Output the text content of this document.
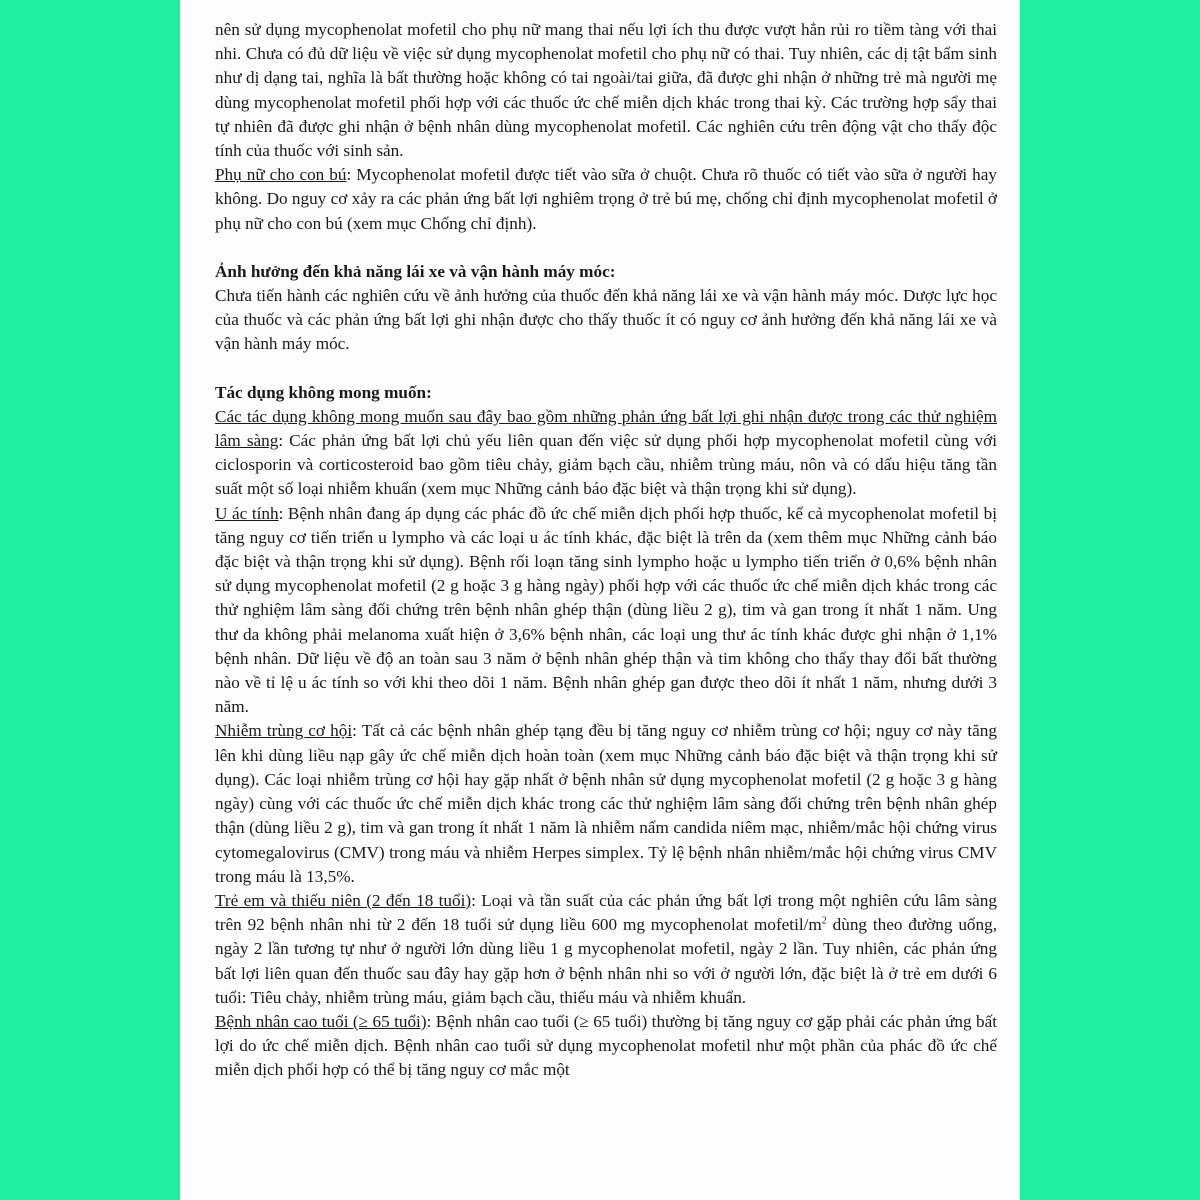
nên sử dụng mycophenolat mofetil cho phụ nữ mang thai nếu lợi ích thu được vượt hẳn rủi ro tiềm tàng với thai nhi. Chưa có đủ dữ liệu về việc sử dụng mycophenolat mofetil cho phụ nữ có thai. Tuy nhiên, các dị tật bẩm sinh như dị dạng tai, nghĩa là bất thường hoặc không có tai ngoài/tai giữa, đã được ghi nhận ở những trẻ mà người mẹ dùng mycophenolat mofetil phối hợp với các thuốc ức chế miễn dịch khác trong thai kỳ. Các trường hợp sẩy thai tự nhiên đã được ghi nhận ở bệnh nhân dùng mycophenolat mofetil. Các nghiên cứu trên động vật cho thấy độc tính của thuốc với sinh sản.

Phụ nữ cho con bú: Mycophenolat mofetil được tiết vào sữa ở chuột. Chưa rõ thuốc có tiết vào sữa ở người hay không. Do nguy cơ xảy ra các phản ứng bất lợi nghiêm trọng ở trẻ bú mẹ, chống chỉ định mycophenolat mofetil ở phụ nữ cho con bú (xem mục Chống chỉ định).

Ảnh hưởng đến khả năng lái xe và vận hành máy móc:

Chưa tiến hành các nghiên cứu về ảnh hưởng của thuốc đến khả năng lái xe và vận hành máy móc. Dược lực học của thuốc và các phản ứng bất lợi ghi nhận được cho thấy thuốc ít có nguy cơ ảnh hưởng đến khả năng lái xe và vận hành máy móc.

Tác dụng không mong muốn:

Các tác dụng không mong muốn sau đây bao gồm những phản ứng bất lợi ghi nhận được trong các thử nghiệm lâm sàng: Các phản ứng bất lợi chủ yếu liên quan đến việc sử dụng phối hợp mycophenolat mofetil cùng với ciclosporin và corticosteroid bao gồm tiêu chảy, giảm bạch cầu, nhiễm trùng máu, nôn và có dấu hiệu tăng tần suất một số loại nhiễm khuẩn (xem mục Những cảnh báo đặc biệt và thận trọng khi sử dụng).

U ác tính: Bệnh nhân đang áp dụng các phác đồ ức chế miễn dịch phối hợp thuốc, kể cả mycophenolat mofetil bị tăng nguy cơ tiến triển u lympho và các loại u ác tính khác, đặc biệt là trên da (xem thêm mục Những cảnh báo đặc biệt và thận trọng khi sử dụng). Bệnh rối loạn tăng sinh lympho hoặc u lympho tiến triển ở 0,6% bệnh nhân sử dụng mycophenolat mofetil (2 g hoặc 3 g hàng ngày) phối hợp với các thuốc ức chế miễn dịch khác trong các thử nghiệm lâm sàng đối chứng trên bệnh nhân ghép thận (dùng liều 2 g), tim và gan trong ít nhất 1 năm. Ung thư da không phải melanoma xuất hiện ở 3,6% bệnh nhân, các loại ung thư ác tính khác được ghi nhận ở 1,1% bệnh nhân. Dữ liệu về độ an toàn sau 3 năm ở bệnh nhân ghép thận và tim không cho thấy thay đổi bất thường nào về tỉ lệ u ác tính so với khi theo dõi 1 năm. Bệnh nhân ghép gan được theo dõi ít nhất 1 năm, nhưng dưới 3 năm.

Nhiễm trùng cơ hội: Tất cả các bệnh nhân ghép tạng đều bị tăng nguy cơ nhiễm trùng cơ hội; nguy cơ này tăng lên khi dùng liều nạp gây ức chế miễn dịch hoàn toàn (xem mục Những cảnh báo đặc biệt và thận trọng khi sử dụng). Các loại nhiễm trùng cơ hội hay gặp nhất ở bệnh nhân sử dụng mycophenolat mofetil (2 g hoặc 3 g hàng ngày) cùng với các thuốc ức chế miễn dịch khác trong các thử nghiệm lâm sàng đối chứng trên bệnh nhân ghép thận (dùng liều 2 g), tim và gan trong ít nhất 1 năm là nhiễm nấm candida niêm mạc, nhiễm/mắc hội chứng virus cytomegalovirus (CMV) trong máu và nhiễm Herpes simplex. Tỷ lệ bệnh nhân nhiễm/mắc hội chứng virus CMV trong máu là 13,5%.

Trẻ em và thiếu niên (2 đến 18 tuổi): Loại và tần suất của các phản ứng bất lợi trong một nghiên cứu lâm sàng trên 92 bệnh nhân nhi từ 2 đến 18 tuổi sử dụng liều 600 mg mycophenolat mofetil/$m^2$ dùng theo đường uống, ngày 2 lần tương tự như ở người lớn dùng liều 1 g mycophenolat mofetil, ngày 2 lần. Tuy nhiên, các phản ứng bất lợi liên quan đến thuốc sau đây hay gặp hơn ở bệnh nhân nhi so với ở người lớn, đặc biệt là ở trẻ em dưới 6 tuổi: Tiêu chảy, nhiễm trùng máu, giảm bạch cầu, thiếu máu và nhiễm khuẩn.

Bệnh nhân cao tuổi (≥ 65 tuổi): Bệnh nhân cao tuổi (≥ 65 tuổi) thường bị tăng nguy cơ gặp phải các phản ứng bất lợi do ức chế miễn dịch. Bệnh nhân cao tuổi sử dụng mycophenolat mofetil như một phần của phác đồ ức chế miễn dịch phối hợp có thể bị tăng nguy cơ mắc một
